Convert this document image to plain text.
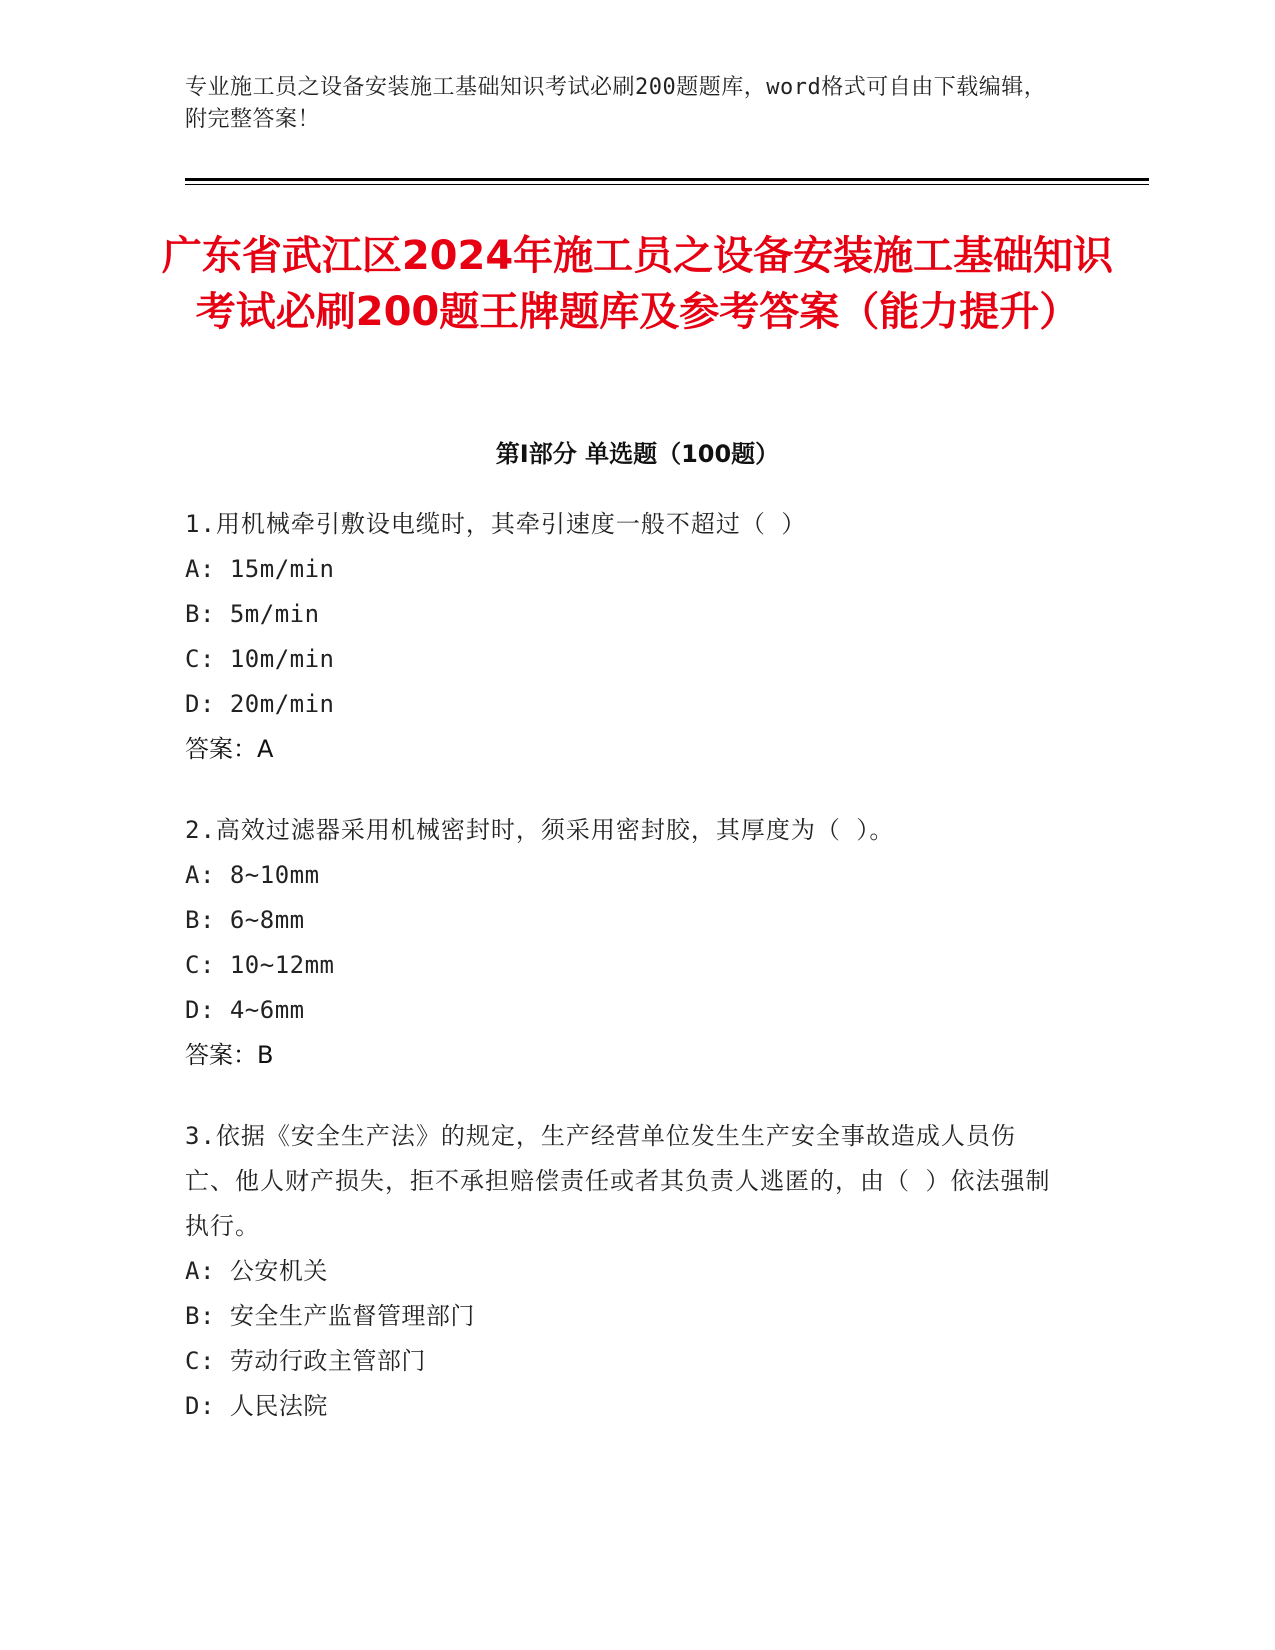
专业施工员之设备安装施工基础知识考试必刷200题题库，word格式可自由下载编辑，附完整答案！
广东省武江区2024年施工员之设备安装施工基础知识考试必刷200题王牌题库及参考答案（能力提升）
第Ⅰ部分 单选题（100题）

1.用机械牵引敷设电缆时，其牵引速度一般不超过（ ）

A: 15m/min

B: 5m/min

C: 10m/min

D: 20m/min

答案：A

2.高效过滤器采用机械密封时，须采用密封胶，其厚度为（ ）。

A: 8~10mm

B: 6~8mm

C: 10~12mm

D: 4~6mm

答案：B

3.依据《安全生产法》的规定，生产经营单位发生生产安全事故造成人员伤亡、他人财产损失，拒不承担赔偿责任或者其负责人逃匿的，由（ ）依法强制执行。

A: 公安机关

B: 安全生产监督管理部门

C: 劳动行政主管部门

D: 人民法院
